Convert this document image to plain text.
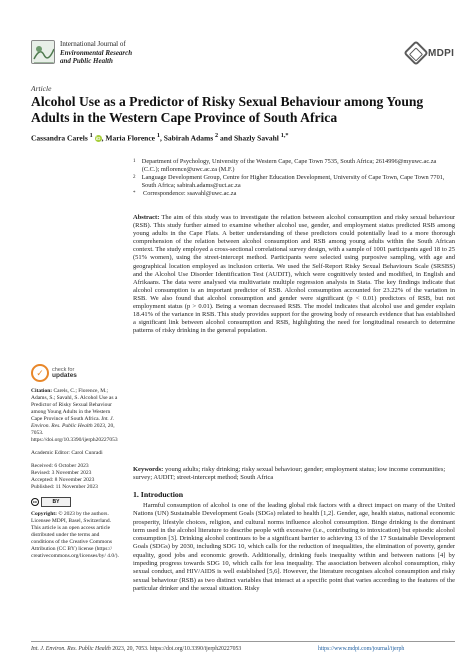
International Journal of
Environmental Research
and Public Health
MDPI
Article
Alcohol Use as a Predictor of Risky Sexual Behaviour among Young Adults in the Western Cape Province of South Africa
Cassandra Carels $^1$ iD, Maria Florence $^1$, Sabirah Adams $^2$ and Shazly Savahl $^{1,*}$
1 Department of Psychology, University of the Western Cape, Cape Town 7535, South Africa; 2614996@myuwc.ac.za (C.C.); mflorence@uwc.ac.za (M.F.)
2 Language Development Group, Centre for Higher Education Development, University of Cape Town, Cape Town 7701, South Africa; sabirah.adams@uct.ac.za
*	Correspondence: ssavahl@uwc.ac.za
Abstract: The aim of this study was to investigate the relation between alcohol consumption and risky sexual behaviour (RSB). This study further aimed to examine whether alcohol use, gender, and employment status predicted RSB among young adults in the Cape Flats. A better understanding of these predictors could potentially lead to a more thorough comprehension of the relation between alcohol consumption and RSB among young adults within the South African context. The study employed a cross-sectional correlational survey design, with a sample of 1001 participants aged 18 to 25 (51% women), using the street-intercept method. Participants were selected using purposive sampling, with age and geographical location employed as inclusion criteria. We used the Self-Report Risky Sexual Behaviours Scale (SRSBS) and the Alcohol Use Disorder Identification Test (AUDIT), which were cognitively tested and modified, in English and Afrikaans. The data were analysed via multivariate multiple regression analysis in Stata. The key findings indicate that alcohol consumption is an important predictor of RSB. Alcohol consumption accounted for 23.22% of the variation in RSB. We also found that alcohol consumption and gender were significant (p < 0.01) predictors of RSB, but not employment status (p > 0.01). Being a woman decreased RSB. The model indicates that alcohol use and gender explain 18.41% of the variance in RSB. This study provides support for the growing body of research evidence that has established a significant link between alcohol consumption and RSB, highlighting the need for longitudinal research to determine patterns of risky drinking in the general population.
Keywords: young adults; risky drinking; risky sexual behaviour; gender; employment status; low income communities; survey; AUDIT; street-intercept method; South Africa
1. Introduction
Harmful consumption of alcohol is one of the leading global risk factors with a direct impact on many of the United Nations (UN) Sustainable Development Goals (SDGs) related to health [1,2]. Gender, age, health status, national economic prosperity, lifestyle choices, religion, and cultural norms influence alcohol consumption. Binge drinking is the dominant term used in the alcohol literature to describe people with excessive (i.e., contributing to intoxication) but episodic alcohol consumption [3]. Drinking alcohol continues to be a significant barrier to achieving 13 of the 17 Sustainable Development Goals (SDGs) by 2030, including SDG 10, which calls for the reduction of inequalities, the elimination of poverty, gender equality, good jobs and economic growth. Additionally, drinking fuels inequality within and between nations [4] by impeding progress towards SDG 10, which calls for less inequality. The association between alcohol consumption, risky sexual conduct, and HIV/AIDS is well established [5,6]. However, the literature recognises alcohol consumption and risky sexual behaviour (RSB) as two distinct variables that interact at a specific point that varies according to the features of the particular drinker and the sexual situation. Risky
✓ check for
updates
Citation: Carels, C.; Florence, M.; Adams, S.; Savahl, S. Alcohol Use as a Predictor of Risky Sexual Behaviour among Young Adults in the Western Cape Province of South Africa. Int. J. Environ. Res. Public Health 2023, 20, 7053. https://doi.org/10.3390/ijerph20227053
Academic Editor: Carol Cunradi
Received: 6 October 2023
Revised: 3 November 2023
Accepted: 8 November 2023
Published: 11 November 2023
cc	BY
Copyright: © 2023 by the authors. Licensee MDPI, Basel, Switzerland. This article is an open access article distributed under the terms and conditions of the Creative Commons Attribution (CC BY) license (https:// creativecommons.org/licenses/by/ 4.0/).
Int. J. Environ. Res. Public Health 2023, 20, 7053. https://doi.org/10.3390/ijerph20227053	https://www.mdpi.com/journal/ijerph
